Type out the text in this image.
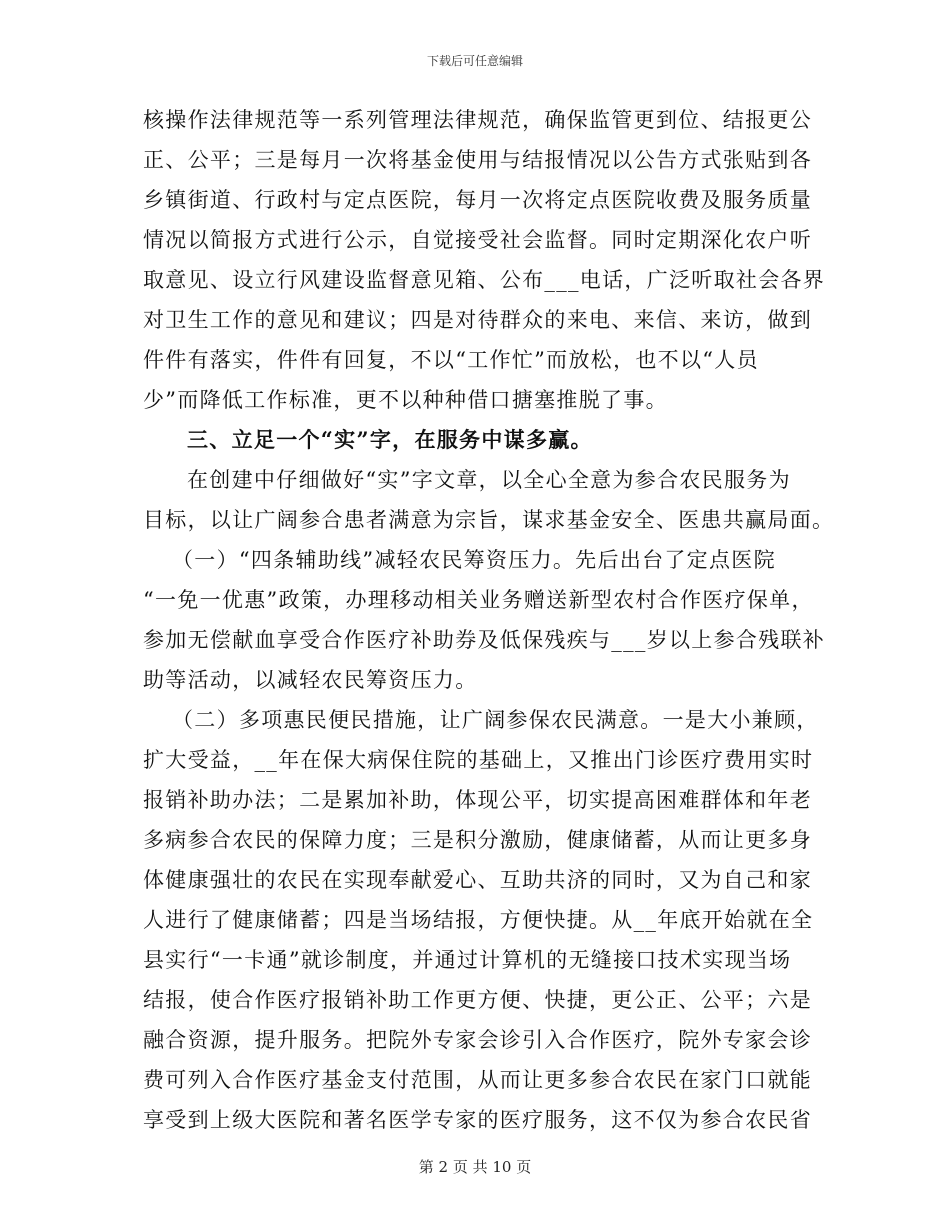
下载后可任意编辑
核操作法律规范等一系列管理法律规范，确保监管更到位、结报更公
正、公平；三是每月一次将基金使用与结报情况以公告方式张贴到各
乡镇街道、行政村与定点医院，每月一次将定点医院收费及服务质量
情况以简报方式进行公示，自觉接受社会监督。同时定期深化农户听
取意见、设立行风建设监督意见箱、公布___电话，广泛听取社会各界
对卫生工作的意见和建议；四是对待群众的来电、来信、来访，做到
件件有落实，件件有回复，不以“工作忙”而放松，也不以“人员
少”而降低工作标准，更不以种种借口搪塞推脱了事。
三、立足一个“实”字，在服务中谋多赢。
在创建中仔细做好“实”字文章，以全心全意为参合农民服务为
目标，以让广阔参合患者满意为宗旨，谋求基金安全、医患共赢局面。
（一）“四条辅助线”减轻农民筹资压力。先后出台了定点医院
“一免一优惠”政策，办理移动相关业务赠送新型农村合作医疗保单，
参加无偿献血享受合作医疗补助券及低保残疾与___岁以上参合残联补
助等活动，以减轻农民筹资压力。
（二）多项惠民便民措施，让广阔参保农民满意。一是大小兼顾，
扩大受益，__年在保大病保住院的基础上，又推出门诊医疗费用实时
报销补助办法；二是累加补助，体现公平，切实提高困难群体和年老
多病参合农民的保障力度；三是积分激励，健康储蓄，从而让更多身
体健康强壮的农民在实现奉献爱心、互助共济的同时，又为自己和家
人进行了健康储蓄；四是当场结报，方便快捷。从__年底开始就在全
县实行“一卡通”就诊制度，并通过计算机的无缝接口技术实现当场
结报，使合作医疗报销补助工作更方便、快捷，更公正、公平；六是
融合资源，提升服务。把院外专家会诊引入合作医疗，院外专家会诊
费可列入合作医疗基金支付范围，从而让更多参合农民在家门口就能
享受到上级大医院和著名医学专家的医疗服务，这不仅为参合农民省
第 2 页 共 10 页
